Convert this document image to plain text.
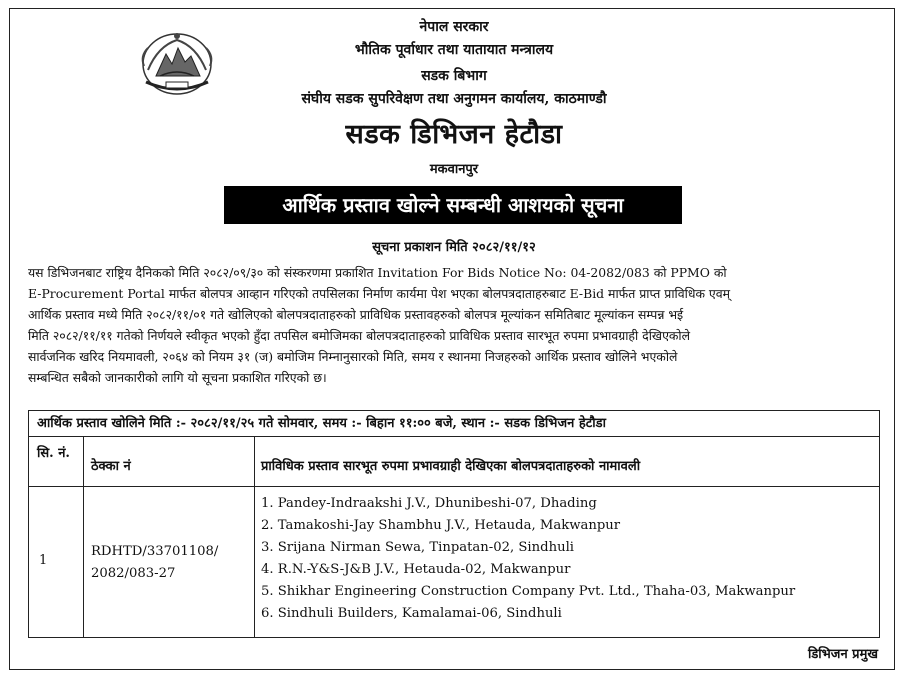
नेपाल सरकार
भौतिक पूर्वाधार तथा यातायात मन्त्रालय
सडक बिभाग
संघीय सडक सुपरिवेक्षण तथा अनुगमन कार्यालय, काठमाण्डौ
सडक डिभिजन हेटौडा
मकवानपुर
आर्थिक प्रस्ताव खोल्ने सम्बन्धी आशयको सूचना
सूचना प्रकाशन मिति २०८२/११/१२
यस डिभिजनबाट राष्ट्रिय दैनिकको मिति २०८२/०९/३० को संस्करणमा प्रकाशित Invitation For Bids Notice No: 04-2082/083 को PPMO को
E-Procurement Portal मार्फत बोलपत्र आव्हान गरिएको तपसिलका निर्माण कार्यमा पेश भएका बोलपत्रदाताहरुबाट E-Bid मार्फत प्राप्त प्राविधिक एवम्
आर्थिक प्रस्ताव मध्ये मिति २०८२/११/०१ गते खोलिएको बोलपत्रदाताहरुको प्राविधिक प्रस्तावहरुको बोलपत्र मूल्यांकन समितिबाट मूल्यांकन सम्पन्न भई
मिति २०८२/११/११ गतेको निर्णयले स्वीकृत भएको हुँदा तपसिल बमोजिमका बोलपत्रदाताहरुको प्राविधिक प्रस्ताव सारभूत रुपमा प्रभावग्राही देखिएकोले
सार्वजनिक खरिद नियमावली, २०६४ को नियम ३१ (ज) बमोजिम निम्नानुसारको मिति, समय र स्थानमा निजहरुको आर्थिक प्रस्ताव खोलिने भएकोले
सम्बन्धित सबैको जानकारीको लागि यो सूचना प्रकाशित गरिएको छ।
आर्थिक प्रस्ताव खोलिने मिति :- २०८२/११/२५ गते सोमवार, समय :- बिहान ११:०० बजे, स्थान :- सडक डिभिजन हेटौडा
सि. नं.
ठेक्का नं	प्राविधिक प्रस्ताव सारभूत रुपमा प्रभावग्राही देखिएका बोलपत्रदाताहरुको नामावली
1
RDHTD/33701108/
2082/083-27
1. Pandey-Indraakshi J.V., Dhunibeshi-07, Dhading
2. Tamakoshi-Jay Shambhu J.V., Hetauda, Makwanpur
3. Srijana Nirman Sewa, Tinpatan-02, Sindhuli
4. R.N.-Y&S-J&B J.V., Hetauda-02, Makwanpur
5. Shikhar Engineering Construction Company Pvt. Ltd., Thaha-03, Makwanpur
6. Sindhuli Builders, Kamalamai-06, Sindhuli
डिभिजन प्रमुख
